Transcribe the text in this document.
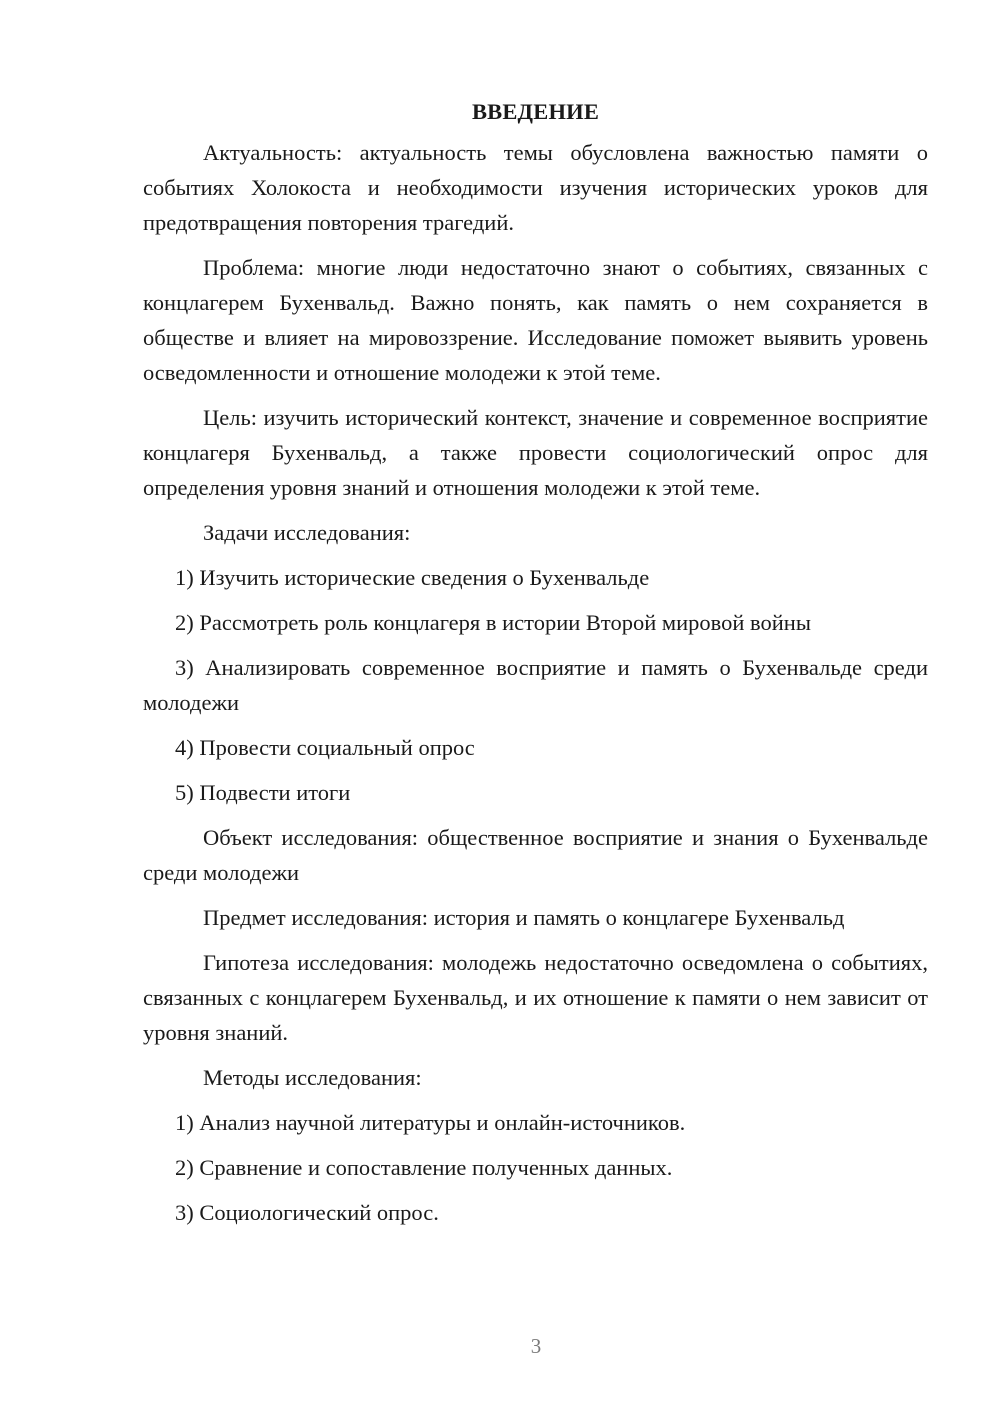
ВВЕДЕНИЕ

Актуальность: актуальность темы обусловлена важностью памяти о событиях Холокоста и необходимости изучения исторических уроков для предотвращения повторения трагедий.

Проблема: многие люди недостаточно знают о событиях, связанных с концлагерем Бухенвальд. Важно понять, как память о нем сохраняется в обществе и влияет на мировоззрение. Исследование поможет выявить уровень осведомленности и отношение молодежи к этой теме.

Цель: изучить исторический контекст, значение и современное восприятие концлагеря Бухенвальд, а также провести социологический опрос для определения уровня знаний и отношения молодежи к этой теме.

Задачи исследования:

1) Изучить исторические сведения о Бухенвальде

2) Рассмотреть роль концлагеря в истории Второй мировой войны

3) Анализировать современное восприятие и память о Бухенвальде среди молодежи

4) Провести социальный опрос

5) Подвести итоги

Объект исследования: общественное восприятие и знания о Бухенвальде среди молодежи

Предмет исследования: история и память о концлагере Бухенвальд

Гипотеза исследования: молодежь недостаточно осведомлена о событиях, связанных с концлагерем Бухенвальд, и их отношение к памяти о нем зависит от уровня знаний.

Методы исследования:

1) Анализ научной литературы и онлайн-источников.

2) Сравнение и сопоставление полученных данных.

3) Социологический опрос.

3
